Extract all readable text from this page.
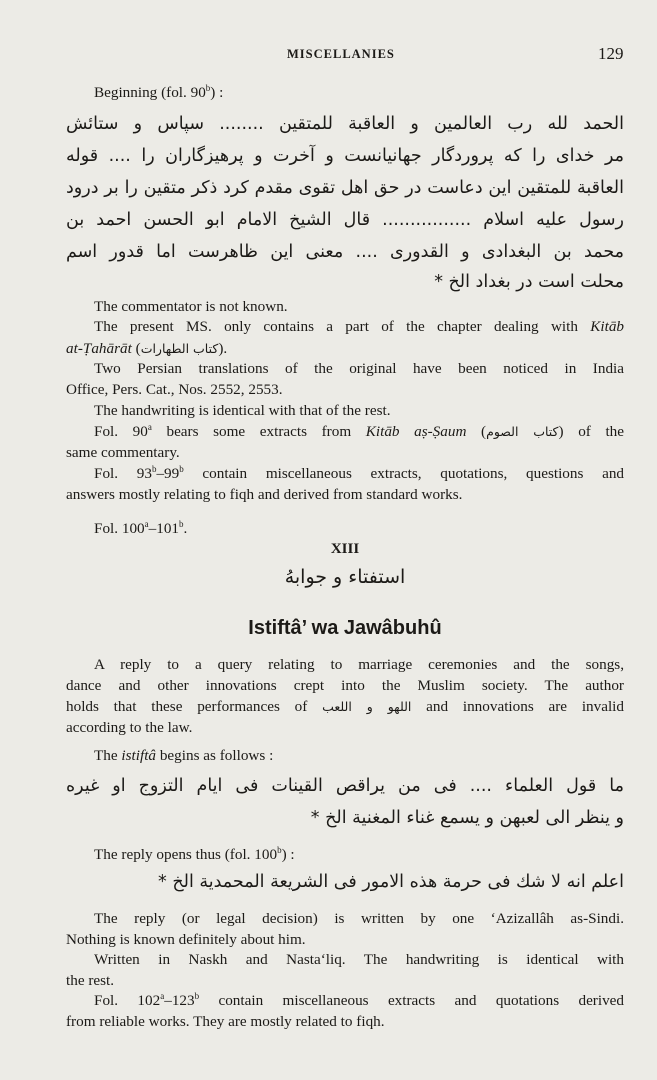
MISCELLANIES	129
Beginning (fol. 90$^b$) :
الحمد لله رب العالمين و العاقبة للمتقين ........ سپاس و ستائش
مر خدای را که پروردگار جهانیانست و آخرت و پرهیزگاران را .... قوله
العاقبة للمتقين اين دعاست در حق اهل تقوی مقدم كرد ذكر متقين را بر درود
رسول عليه اسلام ................ قال الشيخ الامام ابو الحسن احمد بن
محمد بن البغدادی و القدوری .... معنی اين ظاهرست اما قدور اسم
محلت است در بغداد الخ *
The commentator is not known.
The present MS. only contains a part of the chapter dealing with Kitāb
at-Ṭahārāt (كتاب الطهارات).
Two Persian translations of the original have been noticed in India
Office, Pers. Cat., Nos. 2552, 2553.
The handwriting is identical with that of the rest.
Fol. 90$^a$ bears some extracts from Kitāb aṣ-Ṣaum (كتاب الصوم) of the
same commentary.
Fol. 93$^b$–99$^b$ contain miscellaneous extracts, quotations, questions and
answers mostly relating to fiqh and derived from standard works.
Fol. 100$^a$–101$^b$.
XIII
استفتاء و جوابهُ
Istiftâ’ wa Jawâbuhû
A reply to a query relating to marriage ceremonies and the songs,
dance and other innovations crept into the Muslim society. The author
holds that these performances of اللهو و اللعب and innovations are invalid
according to the law.
The istiftâ begins as follows :
ما قول العلماء .... فی من يراقص القينات فی ايام التزوج او غيره
و ينظر الی لعبهن و يسمع غناء المغنية الخ *
The reply opens thus (fol. 100$^b$) :
اعلم انه لا شك فی حرمة هذه الامور فی الشريعة المحمدية الخ *
The reply (or legal decision) is written by one ‘Azizallâh as-Sindi.
Nothing is known definitely about him.
Written in Naskh and Nasta‘liq. The handwriting is identical with
the rest.
Fol. 102$^a$–123$^b$ contain miscellaneous extracts and quotations derived
from reliable works. They are mostly related to fiqh.
